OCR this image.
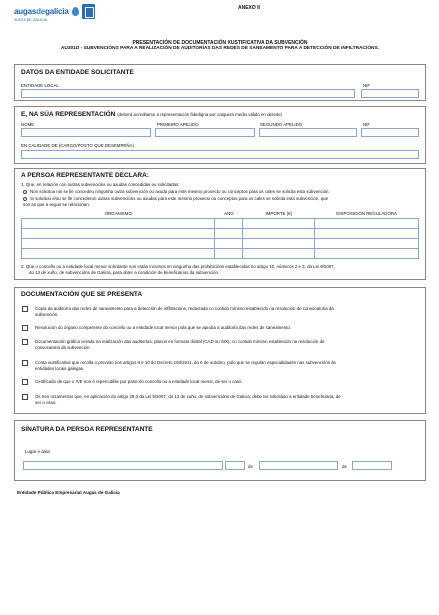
augasdegalicia
XUNTA DE GALICIA
ANEXO II
PRESENTACIÓN DE DOCUMENTACIÓN XUSTIFICATIVA DA SUBVENCIÓN
AU301D - SUBVENCIÓNS PARA A REALIZACIÓN DE AUDITORÍAS DAS REDES DE SANEAMENTO PARA A DETECCIÓN DE INFILTRACIÓNS.
DATOS DA ENTIDADE SOLICITANTE
ENTIDADE LOCAL	NIF
E, NA SÚA REPRESENTACIÓN (deberá acreditarse a representación fidedigna por calquera medio válido en dereito)
NOME	PRIMEIRO APELIDO	SEGUNDO APELIDO	NIF
EN CALIDADE DE (CARGO/POSTO QUE DESEMPEÑA)
A PERSOA REPRESENTANTE DECLARA:
1. Que, en relación con outras subvencións ou axudas concedidas ou solicitadas:
Non solicitou nin se lle concedeu ningunha outra subvención ou axuda para este mesmo proxecto ou conceptos para os cales se solicita esta subvención.
Si solicitou e/ou se lle concederon outras subvencións ou axudas para este mesmo proxecto ou conceptos para os cales se solicita esta subvención, que
son as que a seguir se relacionan:
ORGANISMO	ANO	IMPORTE (€)	DISPOSICIÓN REGULADORA

2. Que o concello ou a entidade local menor solicitante non están incursos en ningunha das prohibicións establecidas no artigo 10, números 2 e 3, da Lei 9/2007,
do 13 de xuño, de subvencións de Galicia, para obter a condición de beneficiarios da subvención.
DOCUMENTACIÓN QUE SE PRESENTA
Copia da auditoría das redes de saneamento para a detección de infiltracións, redactada co contido mínimo establecido na resolución de convocatoria da
subvención.
Resolución do órgano competente do concello ou a entidade local menor pola que se aproba a auditoría das redes de saneamento.
Documentación gráfica xerada na realización das auditorías, planos en formato dixital (CAD ou SIX), co contido mínimo establecido na resolución de
convocatoria da subvención.
Conta xustificativa que recolla o previsto nos artigos 8 e 10 do Decreto 193/2011, do 6 de outubro, polo que se regulan especialidades nas subvencións ás
entidades locais galegas.
Certificado de que o IVE non é repercutible por parte do concello ou a entidade local menor, de ser o caso.
Os tres orzamentos que, en aplicación do artigo 29.3 da Lei 9/2007, do 13 de xuño, de subvencións de Galicia, debe ter solicitado a entidade beneficiaria, de
ser o caso.
SINATURA DA PERSOA REPRESENTANTE
Lugar e data
de	de
Entidade Pública Empresarial Augas de Galicia
